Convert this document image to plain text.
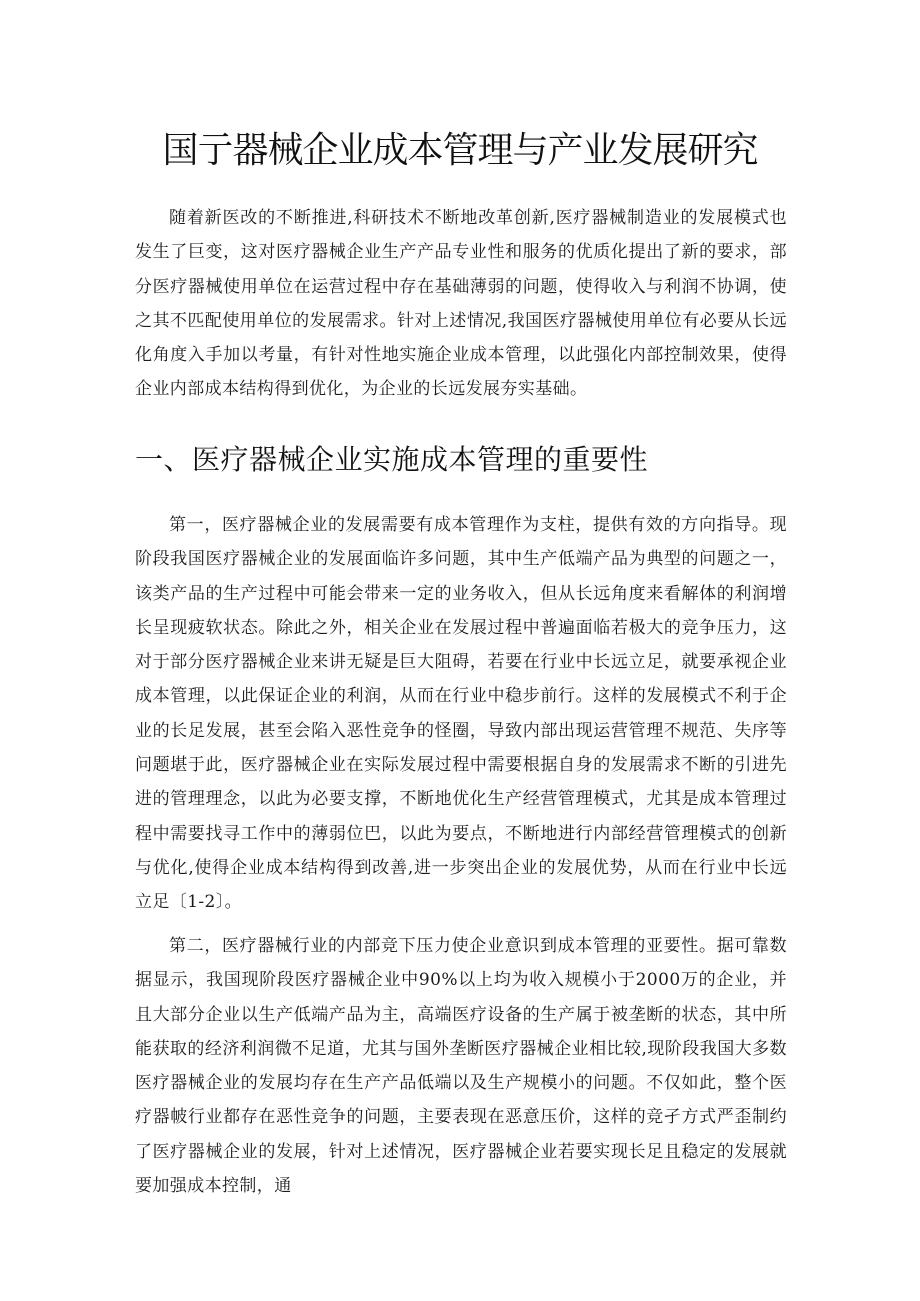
国亍器械企业成本管理与产业发展研究

随着新医改的不断推进,科研技术不断地改革创新,医疗器械制造业的发展模式也发生了巨变，这对医疗器械企业生产产品专业性和服务的优质化提出了新的要求，部分医疗器械使用单位在运营过程中存在基础薄弱的问题，使得收入与利润不协调，使之其不匹配使用单位的发展需求。针对上述情况,我国医疗器械使用单位有必要从长远化角度入手加以考量，有针对性地实施企业成本管理，以此强化内部控制效果，使得企业内部成本结构得到优化，为企业的长远发展夯实基础。

一、医疗器械企业实施成本管理的重要性

第一，医疗器械企业的发展需要有成本管理作为支柱，提供有效的方向指导。现阶段我国医疗器械企业的发展面临许多问题，其中生产低端产品为典型的问题之一，该类产品的生产过程中可能会带来一定的业务收入，但从长远角度来看解体的利润增长呈现疲软状态。除此之外，相关企业在发展过程中普遍面临若极大的竞争压力，这对于部分医疗器械企业来讲无疑是巨大阻碍，若要在行业中长远立足，就要承视企业成本管理，以此保证企业的利润，从而在行业中稳步前行。这样的发展模式不利于企业的长足发展，甚至会陷入恶性竞争的怪圈，导致内部出现运营管理不规范、失序等问题堪于此，医疗器械企业在实际发展过程中需要根据自身的发展需求不断的引进先进的管理理念，以此为必要支撑，不断地优化生产经营管理模式，尤其是成本管理过程中需要找寻工作中的薄弱位巴，以此为要点，不断地进行内部经营管理模式的创新与优化,使得企业成本结构得到改善,进一步突出企业的发展优势，从而在行业中长远立足〔1-2〕。

第二，医疗器械行业的内部竞下压力使企业意识到成本管理的亚要性。据可靠数据显示，我国现阶段医疗器械企业中90%以上均为收入规模小于2000万的企业，并且大部分企业以生产低端产品为主，高端医疗设备的生产属于被垄断的状态，其中所能获取的经济利润微不足道，尤其与国外垄断医疗器械企业相比较,现阶段我国大多数医疗器械企业的发展均存在生产产品低端以及生产规模小的问题。不仅如此，整个医疗器帔行业都存在恶性竞争的问题，主要表现在恶意压价，这样的竞孑方式严歪制约了医疗器械企业的发展，针对上述情况，医疗器械企业若要实现长足且稳定的发展就要加强成本控制，通
